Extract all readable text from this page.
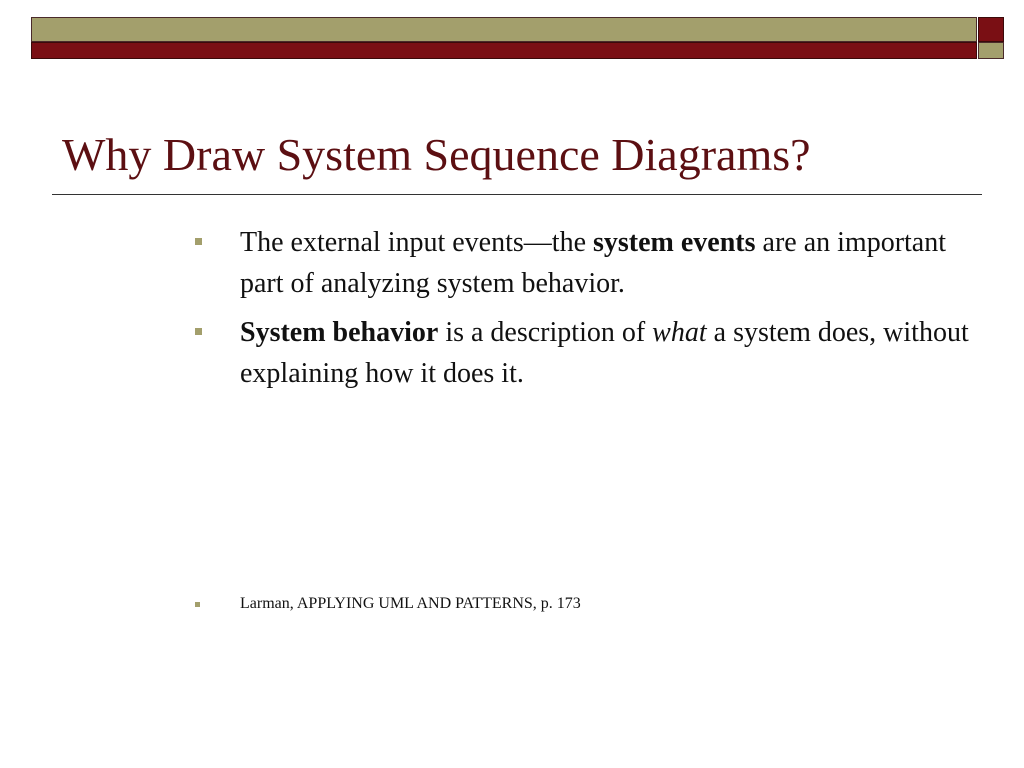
Why Draw System Sequence Diagrams?
The external input events—the system events are an important part of analyzing system behavior.
System behavior is a description of what a system does, without explaining how it does it.
Larman, APPLYING UML AND PATTERNS, p. 173
